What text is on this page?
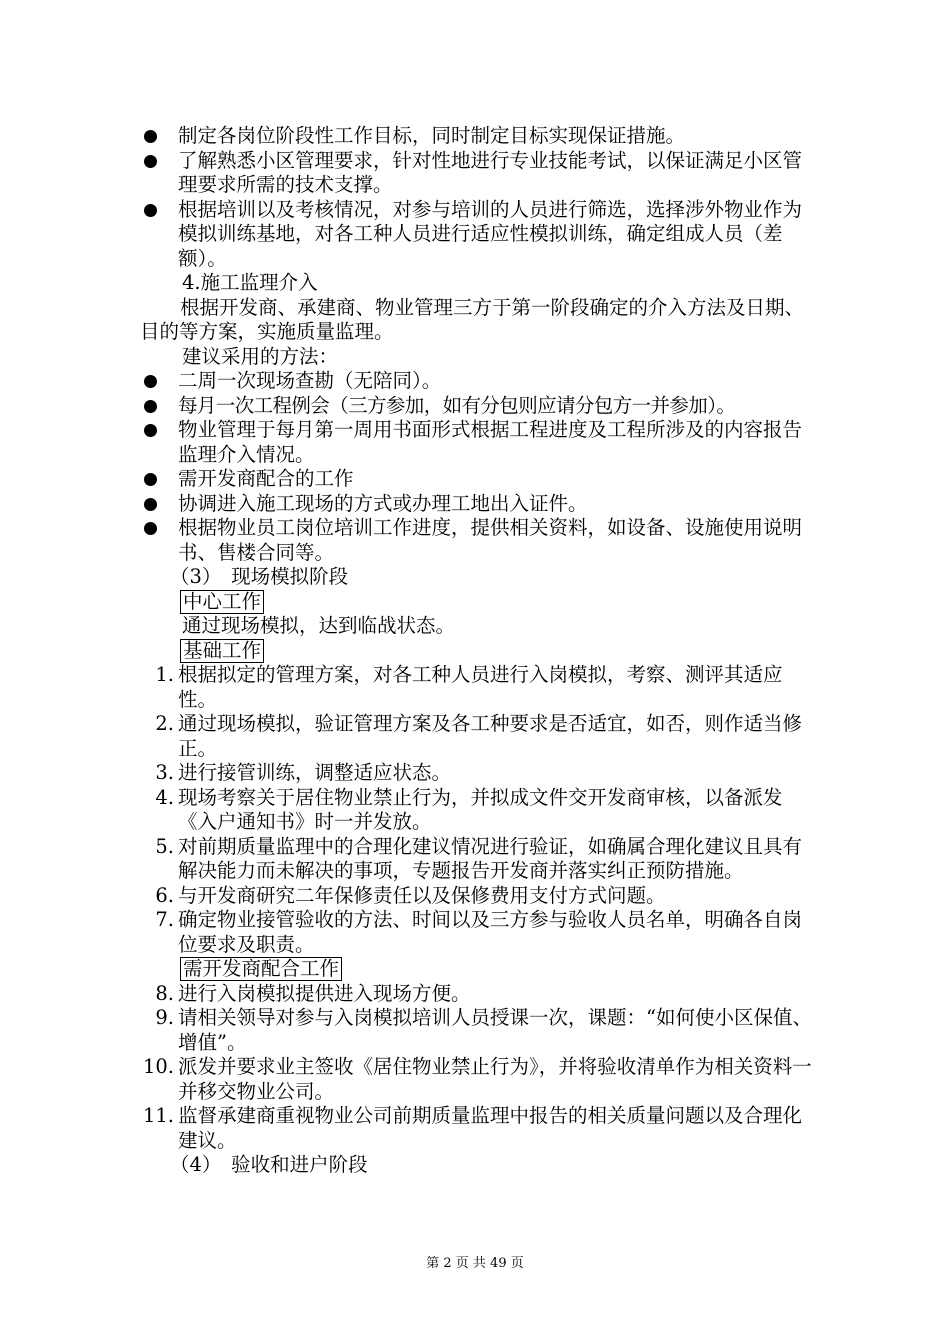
制定各岗位阶段性工作目标，同时制定目标实现保证措施。
了解熟悉小区管理要求，针对性地进行专业技能考试，以保证满足小区管理要求所需的技术支撑。
根据培训以及考核情况，对参与培训的人员进行筛选，选择涉外物业作为模拟训练基地，对各工种人员进行适应性模拟训练，确定组成人员（差额）。
4.施工监理介入
根据开发商、承建商、物业管理三方于第一阶段确定的介入方法及日期、目的等方案，实施质量监理。
建议采用的方法：
二周一次现场查勘（无陪同）。
每月一次工程例会（三方参加，如有分包则应请分包方一并参加）。
物业管理于每月第一周用书面形式根据工程进度及工程所涉及的内容报告监理介入情况。
需开发商配合的工作
协调进入施工现场的方式或办理工地出入证件。
根据物业员工岗位培训工作进度，提供相关资料，如设备、设施使用说明书、售楼合同等。
（3）　现场模拟阶段
中心工作
通过现场模拟，达到临战状态。
基础工作
1. 根据拟定的管理方案，对各工种人员进行入岗模拟，考察、测评其适应性。
2. 通过现场模拟，验证管理方案及各工种要求是否适宜，如否，则作适当修正。
3. 进行接管训练，调整适应状态。
4. 现场考察关于居住物业禁止行为，并拟成文件交开发商审核，以备派发《入户通知书》时一并发放。
5. 对前期质量监理中的合理化建议情况进行验证，如确属合理化建议且具有解决能力而未解决的事项，专题报告开发商并落实纠正预防措施。
6. 与开发商研究二年保修责任以及保修费用支付方式问题。
7. 确定物业接管验收的方法、时间以及三方参与验收人员名单，明确各自岗位要求及职责。
需开发商配合工作
8. 进行入岗模拟提供进入现场方便。
9. 请相关领导对参与入岗模拟培训人员授课一次，课题：“如何使小区保值、增值”。
10. 派发并要求业主签收《居住物业禁止行为》，并将验收清单作为相关资料一并移交物业公司。
11. 监督承建商重视物业公司前期质量监理中报告的相关质量问题以及合理化建议。
（4）　验收和进户阶段
第 2 页 共 49 页
